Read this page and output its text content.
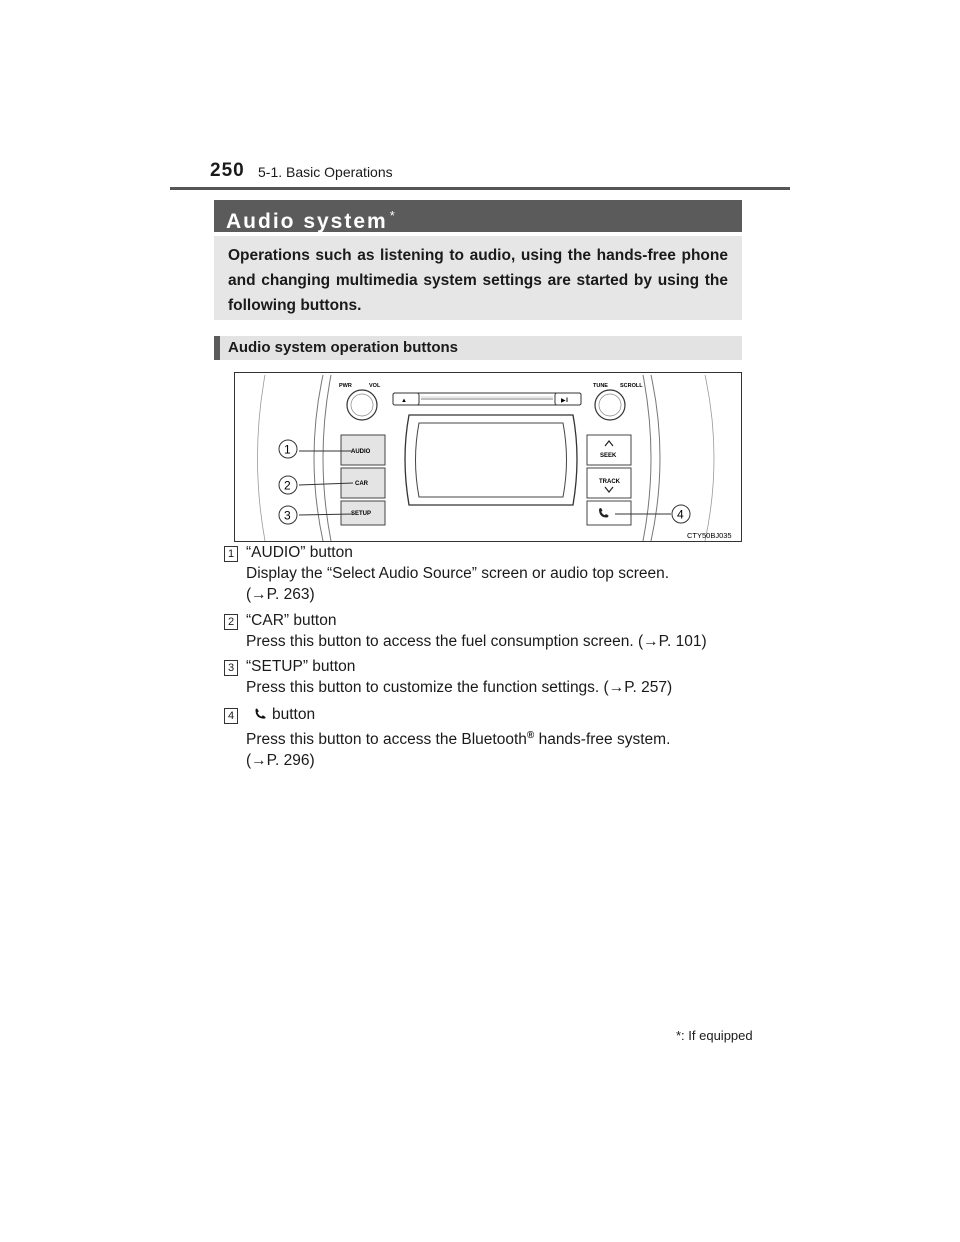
250 5-1. Basic Operations
Audio system *
Operations such as listening to audio, using the hands-free phone and changing multimedia system settings are started by using the following buttons.
Audio system operation buttons
PWR	VOL	TUNE SCROLL
▲	▶‖
AUDIO
CAR
SETUP
SEEK
TRACK
1
2
3	4
CTY50BJ035
1 “AUDIO” button
Display the “Select Audio Source” screen or audio top screen.
(→P. 263)
2 “CAR” button
Press this button to access the fuel consumption screen. (→P. 101)
3 “SETUP” button
Press this button to customize the function settings. (→P. 257)
4	button
Press this button to access the Bluetooth® hands-free system.
(→P. 296)
*: If equipped
